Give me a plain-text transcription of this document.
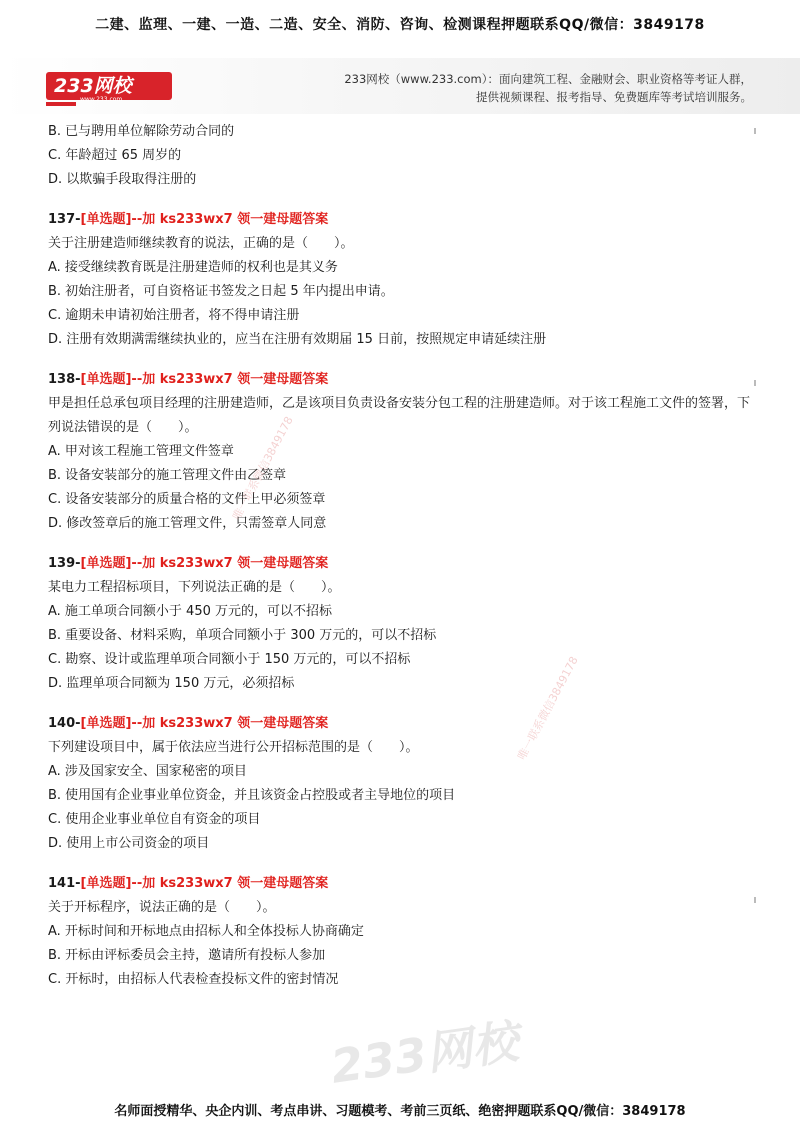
二建、监理、一建、一造、二造、安全、消防、咨询、检测课程押题联系QQ/微信：3849178
233网校
www.233.com
233网校（www.233.com）：面向建筑工程、金融财会、职业资格等考证人群，
提供视频课程、报考指导、免费题库等考试培训服务。
B. 已与聘用单位解除劳动合同的
C. 年龄超过 65 周岁的
D. 以欺骗手段取得注册的
137-[单选题]--加 ks233wx7 领一建母题答案
关于注册建造师继续教育的说法，正确的是（　　）。
A. 接受继续教育既是注册建造师的权利也是其义务
B. 初始注册者，可自资格证书签发之日起 5 年内提出申请。
C. 逾期未申请初始注册者，将不得申请注册
D. 注册有效期满需继续执业的，应当在注册有效期届 15 日前，按照规定申请延续注册
138-[单选题]--加 ks233wx7 领一建母题答案
甲是担任总承包项目经理的注册建造师，乙是该项目负责设备安装分包工程的注册建造师。对于该工程施工文件的签署，下列说法错误的是（　　）。
A. 甲对该工程施工管理文件签章
B. 设备安装部分的施工管理文件由乙签章
C. 设备安装部分的质量合格的文件上甲必须签章
D. 修改签章后的施工管理文件，只需签章人同意
139-[单选题]--加 ks233wx7 领一建母题答案
某电力工程招标项目，下列说法正确的是（　　）。
A. 施工单项合同额小于 450 万元的，可以不招标
B. 重要设备、材料采购，单项合同额小于 300 万元的，可以不招标
C. 勘察、设计或监理单项合同额小于 150 万元的，可以不招标
D. 监理单项合同额为 150 万元，必须招标
140-[单选题]--加 ks233wx7 领一建母题答案
下列建设项目中，属于依法应当进行公开招标范围的是（　　）。
A. 涉及国家安全、国家秘密的项目
B. 使用国有企业事业单位资金，并且该资金占控股或者主导地位的项目
C. 使用企业事业单位自有资金的项目
D. 使用上市公司资金的项目
141-[单选题]--加 ks233wx7 领一建母题答案
关于开标程序，说法正确的是（　　）。
A. 开标时间和开标地点由招标人和全体投标人协商确定
B. 开标由评标委员会主持，邀请所有投标人参加
C. 开标时，由招标人代表检查投标文件的密封情况
唯一联系微信3849178
唯一联系微信3849178
233网校
名师面授精华、央企内训、考点串讲、习题模考、考前三页纸、绝密押题联系QQ/微信：3849178
